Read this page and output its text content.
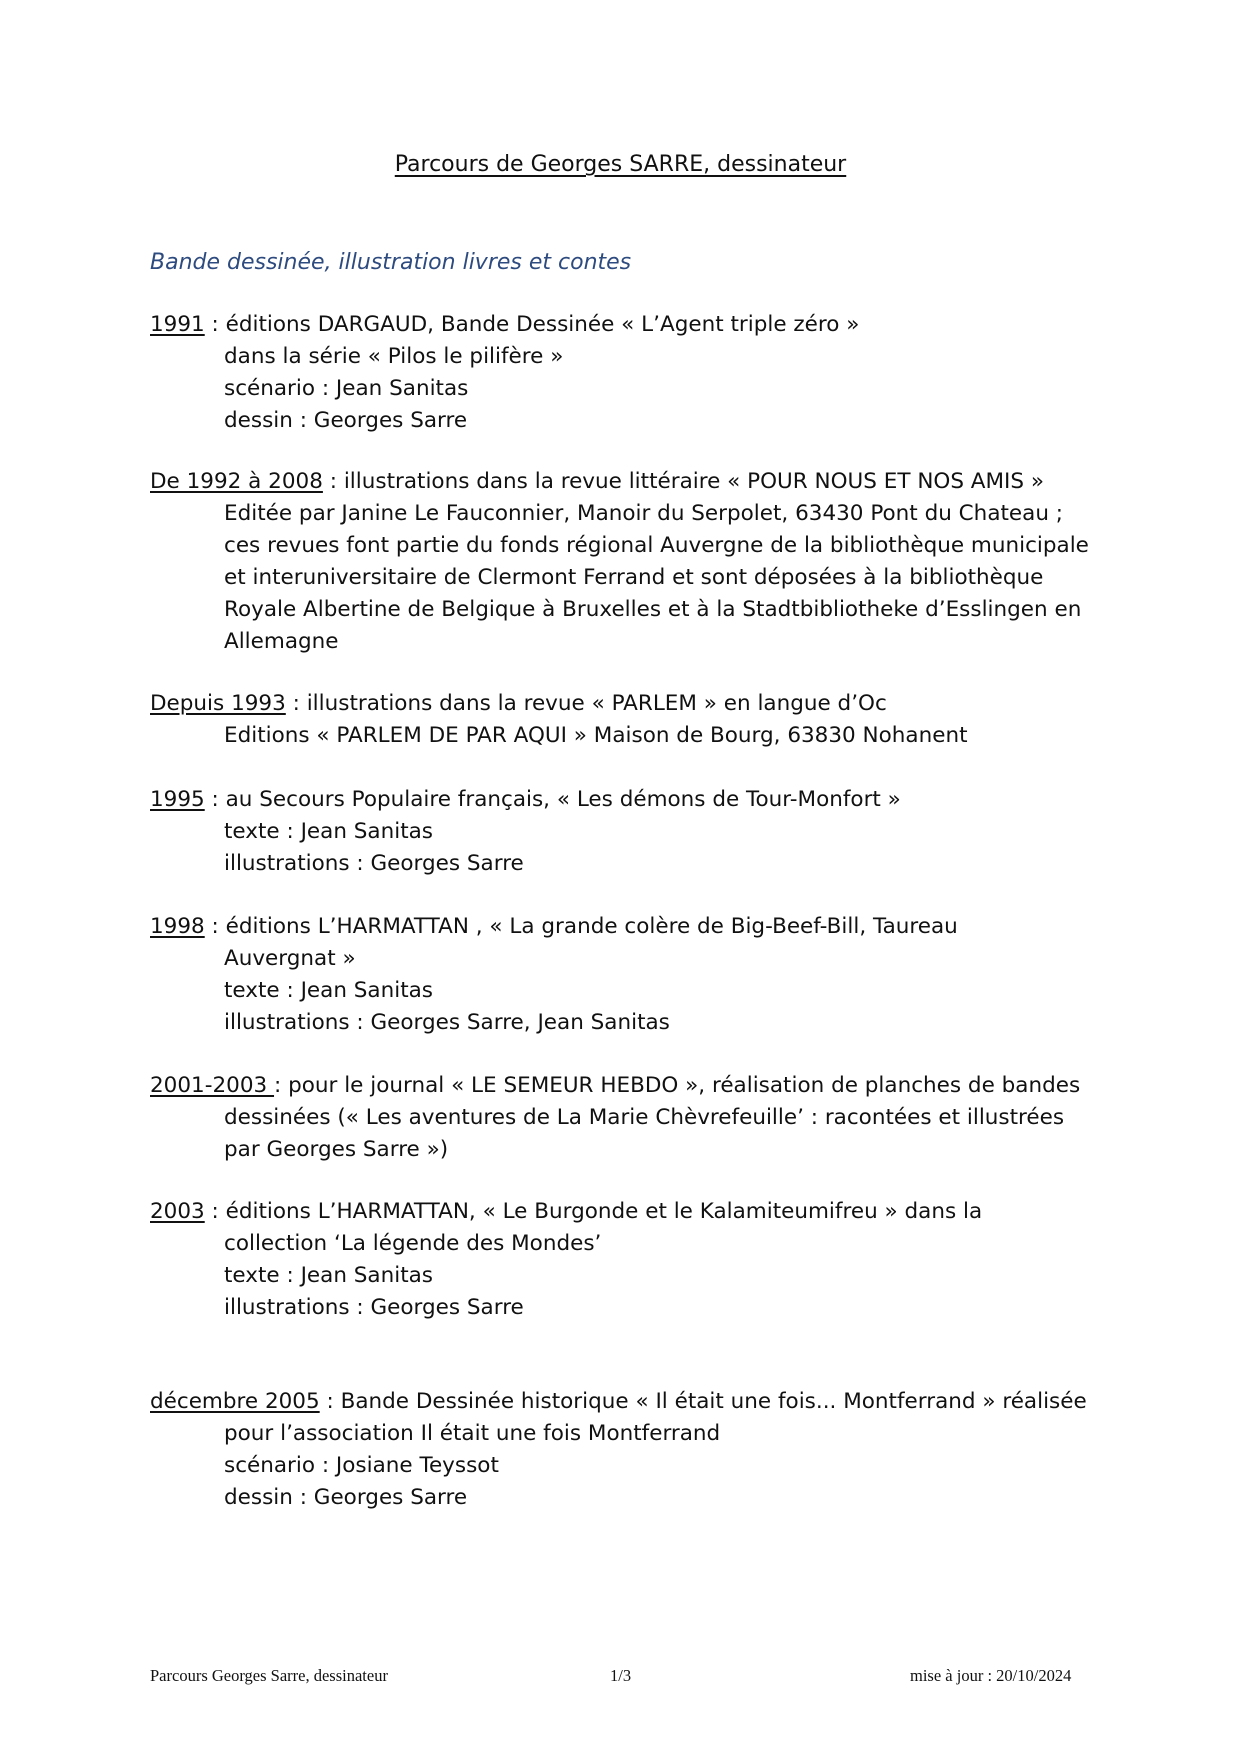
Parcours de Georges SARRE, dessinateur
Bande dessinée, illustration livres et contes
1991 : éditions DARGAUD, Bande Dessinée « L’Agent triple zéro »
dans la série « Pilos le pilifère »
scénario : Jean Sanitas
dessin : Georges Sarre
De 1992 à 2008 : illustrations dans la revue littéraire « POUR NOUS ET NOS AMIS »
Editée par Janine Le Fauconnier, Manoir du Serpolet, 63430 Pont du Chateau ;
ces revues font partie du fonds régional Auvergne de la bibliothèque municipale
et interuniversitaire de Clermont Ferrand et sont déposées à la bibliothèque
Royale Albertine de Belgique à Bruxelles et à la Stadtbibliotheke d’Esslingen en
Allemagne
Depuis 1993 : illustrations dans la revue « PARLEM » en langue d’Oc
Editions « PARLEM DE PAR AQUI » Maison de Bourg, 63830 Nohanent
1995 : au Secours Populaire français, « Les démons de Tour-Monfort »
texte : Jean Sanitas
illustrations : Georges Sarre
1998 : éditions L’HARMATTAN , « La grande colère de Big-Beef-Bill, Taureau
Auvergnat »
texte : Jean Sanitas
illustrations : Georges Sarre, Jean Sanitas
2001-2003 : pour le journal « LE SEMEUR HEBDO », réalisation de planches de bandes
dessinées (« Les aventures de La Marie Chèvrefeuille’ : racontées et illustrées
par Georges Sarre »)
2003 : éditions L’HARMATTAN, « Le Burgonde et le Kalamiteumifreu » dans la
collection ‘La légende des Mondes’
texte : Jean Sanitas
illustrations : Georges Sarre
décembre 2005 : Bande Dessinée historique « Il était une fois... Montferrand » réalisée
pour l’association Il était une fois Montferrand
scénario : Josiane Teyssot
dessin : Georges Sarre
Parcours Georges Sarre, dessinateur	1/3	mise à jour : 20/10/2024
